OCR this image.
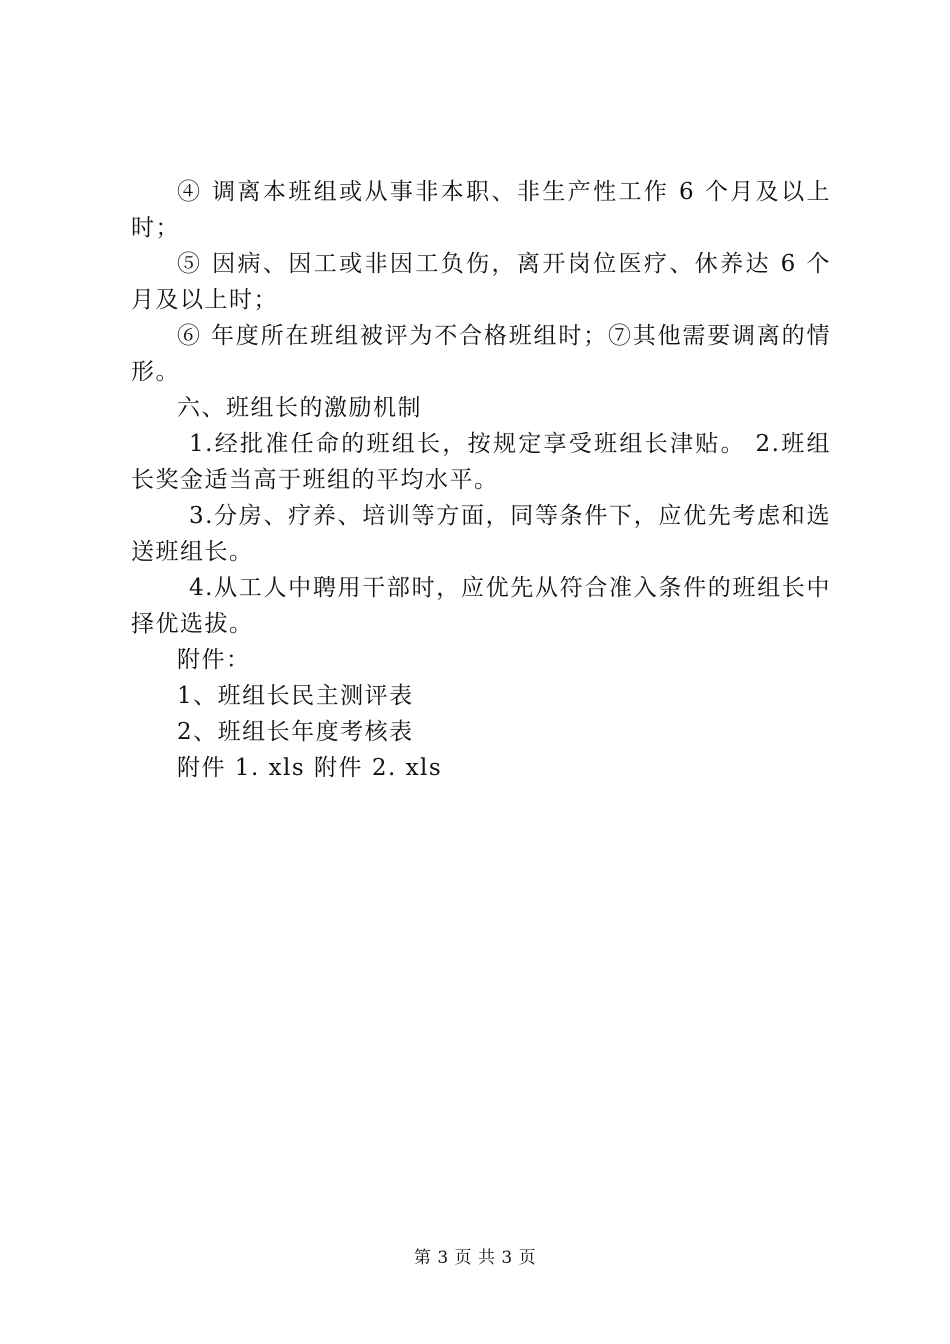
④ 调离本班组或从事非本职、非生产性工作 6 个月及以上时；

⑤ 因病、因工或非因工负伤，离开岗位医疗、休养达 6 个月及以上时；

⑥ 年度所在班组被评为不合格班组时；⑦其他需要调离的情形。

六、班组长的激励机制

1.经批准任命的班组长，按规定享受班组长津贴。 2.班组长奖金适当高于班组的平均水平。

3.分房、疗养、培训等方面，同等条件下，应优先考虑和选送班组长。

4.从工人中聘用干部时，应优先从符合准入条件的班组长中择优选拔。

附件：

1、班组长民主测评表

2、班组长年度考核表

附件 1. xls 附件 2. xls

第 3 页 共 3 页
